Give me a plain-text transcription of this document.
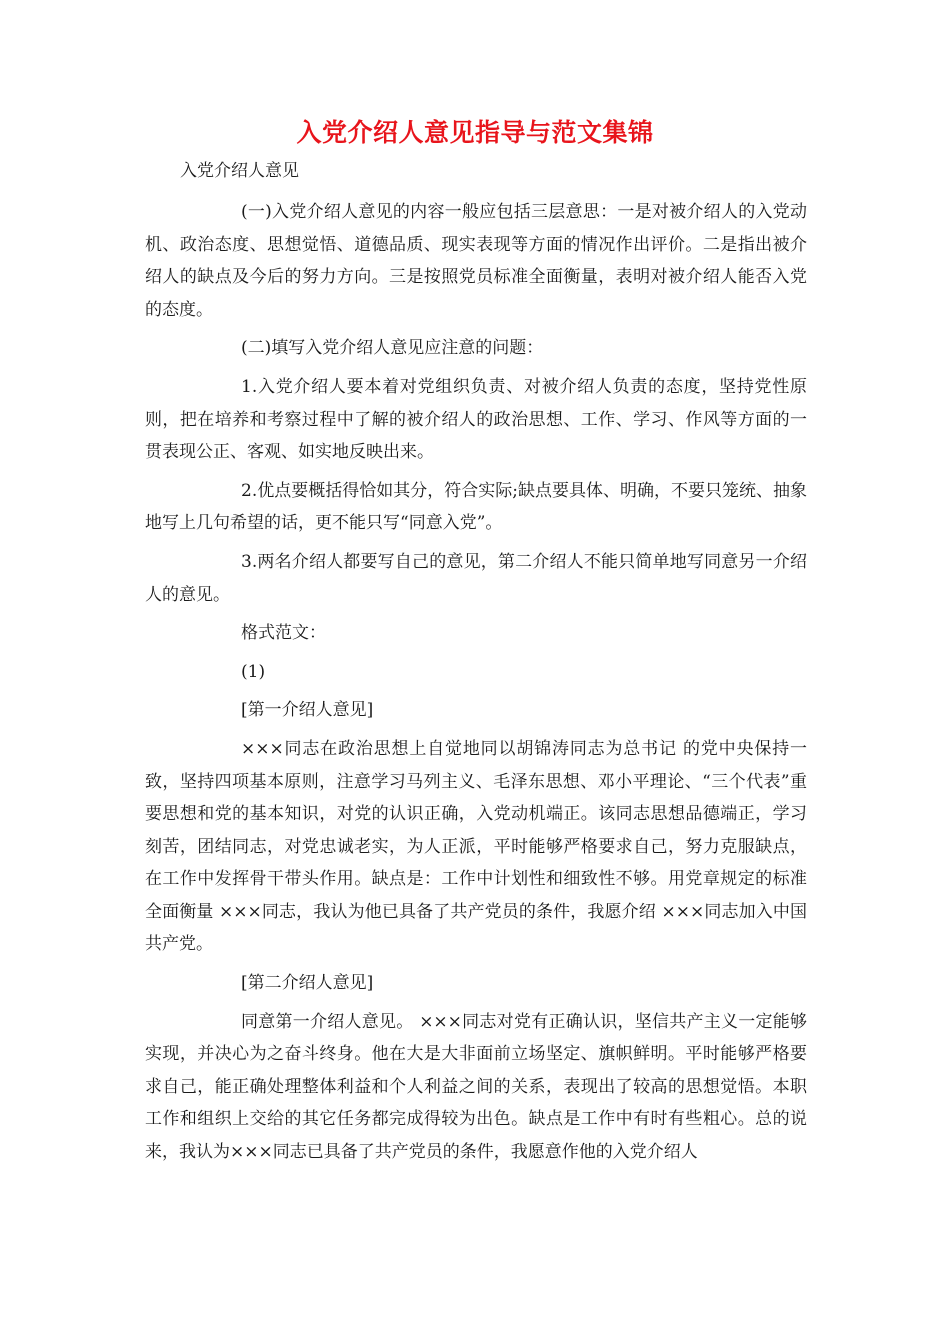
入党介绍人意见指导与范文集锦
入党介绍人意见

(一)入党介绍人意见的内容一般应包括三层意思：一是对被介绍人的入党动机、政治态度、思想觉悟、道德品质、现实表现等方面的情况作出评价。二是指出被介绍人的缺点及今后的努力方向。三是按照党员标准全面衡量，表明对被介绍人能否入党的态度。

(二)填写入党介绍人意见应注意的问题：

1.入党介绍人要本着对党组织负责、对被介绍人负责的态度，坚持党性原则，把在培养和考察过程中了解的被介绍人的政治思想、工作、学习、作风等方面的一贯表现公正、客观、如实地反映出来。

2.优点要概括得恰如其分，符合实际;缺点要具体、明确，不要只笼统、抽象地写上几句希望的话，更不能只写“同意入党”。

3.两名介绍人都要写自己的意见，第二介绍人不能只简单地写同意另一介绍人的意见。

格式范文：

(1)

[第一介绍人意见]

×××同志在政治思想上自觉地同以胡锦涛同志为总书记 的党中央保持一致，坚持四项基本原则，注意学习马列主义、毛泽东思想、邓小平理论、“三个代表”重要思想和党的基本知识，对党的认识正确，入党动机端正。该同志思想品德端正，学习刻苦，团结同志，对党忠诚老实，为人正派，平时能够严格要求自己，努力克服缺点，在工作中发挥骨干带头作用。缺点是：工作中计划性和细致性不够。用党章规定的标准全面衡量 ×××同志，我认为他已具备了共产党员的条件，我愿介绍 ×××同志加入中国共产党。

[第二介绍人意见]

同意第一介绍人意见。 ×××同志对党有正确认识，坚信共产主义一定能够实现，并决心为之奋斗终身。他在大是大非面前立场坚定、旗帜鲜明。平时能够严格要求自己，能正确处理整体利益和个人利益之间的关系，表现出了较高的思想觉悟。本职工作和组织上交给的其它任务都完成得较为出色。缺点是工作中有时有些粗心。总的说来，我认为×××同志已具备了共产党员的条件，我愿意作他的入党介绍人
